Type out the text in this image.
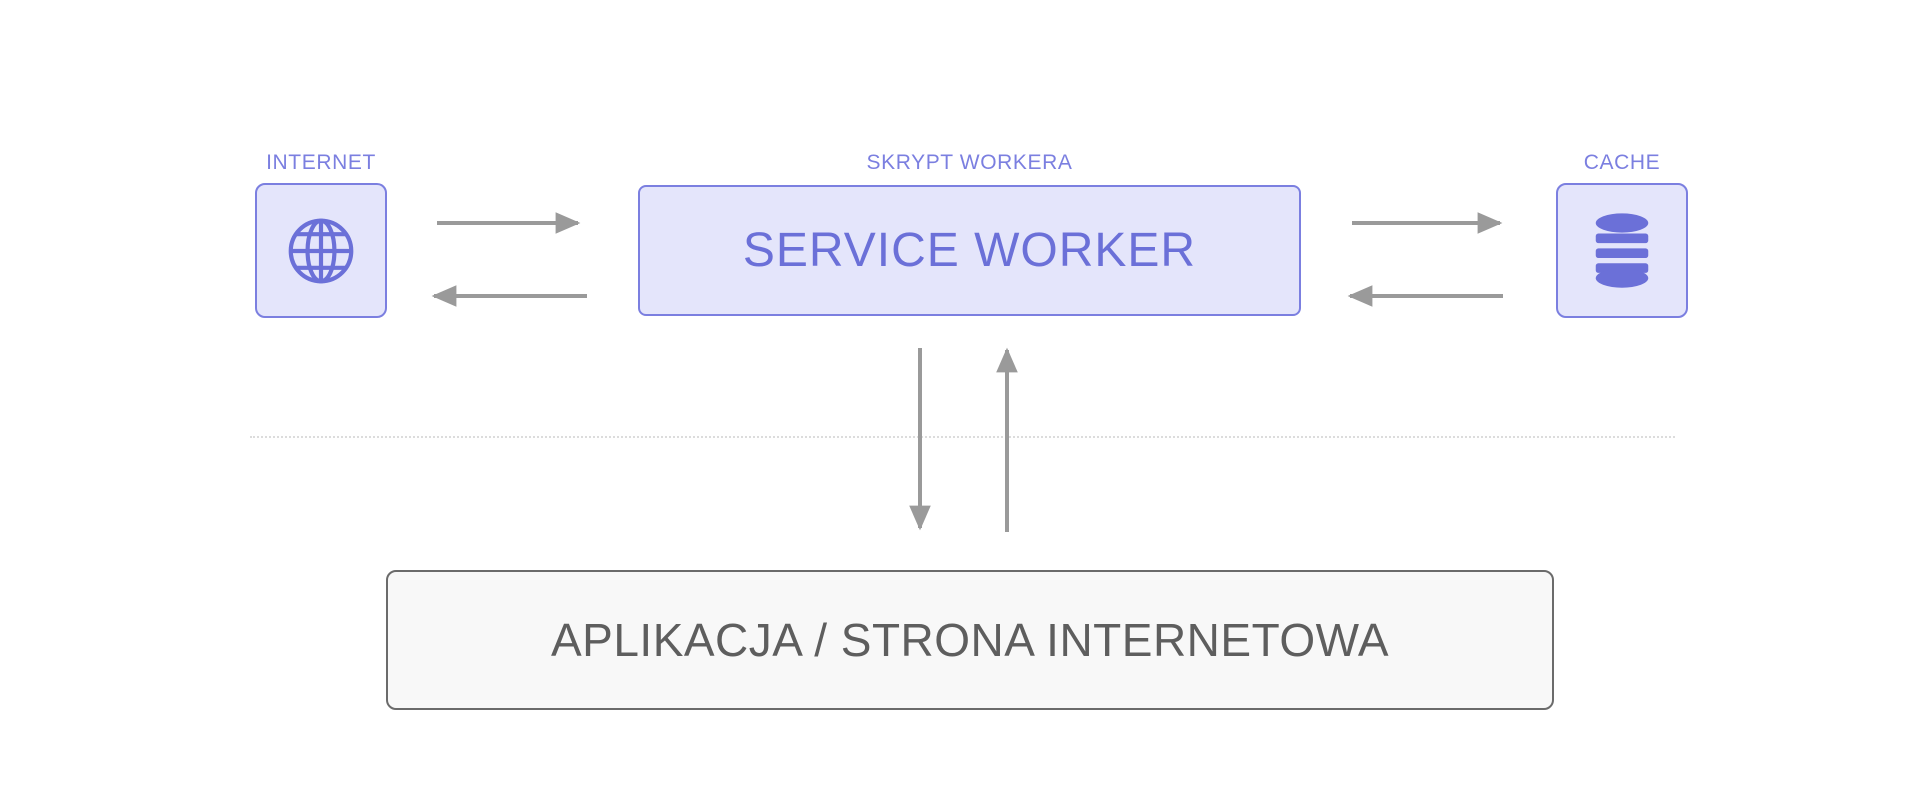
INTERNET	SKRYPT WORKERA
SERVICE WORKER
CACHE
APLIKACJA / STRONA INTERNETOWA
